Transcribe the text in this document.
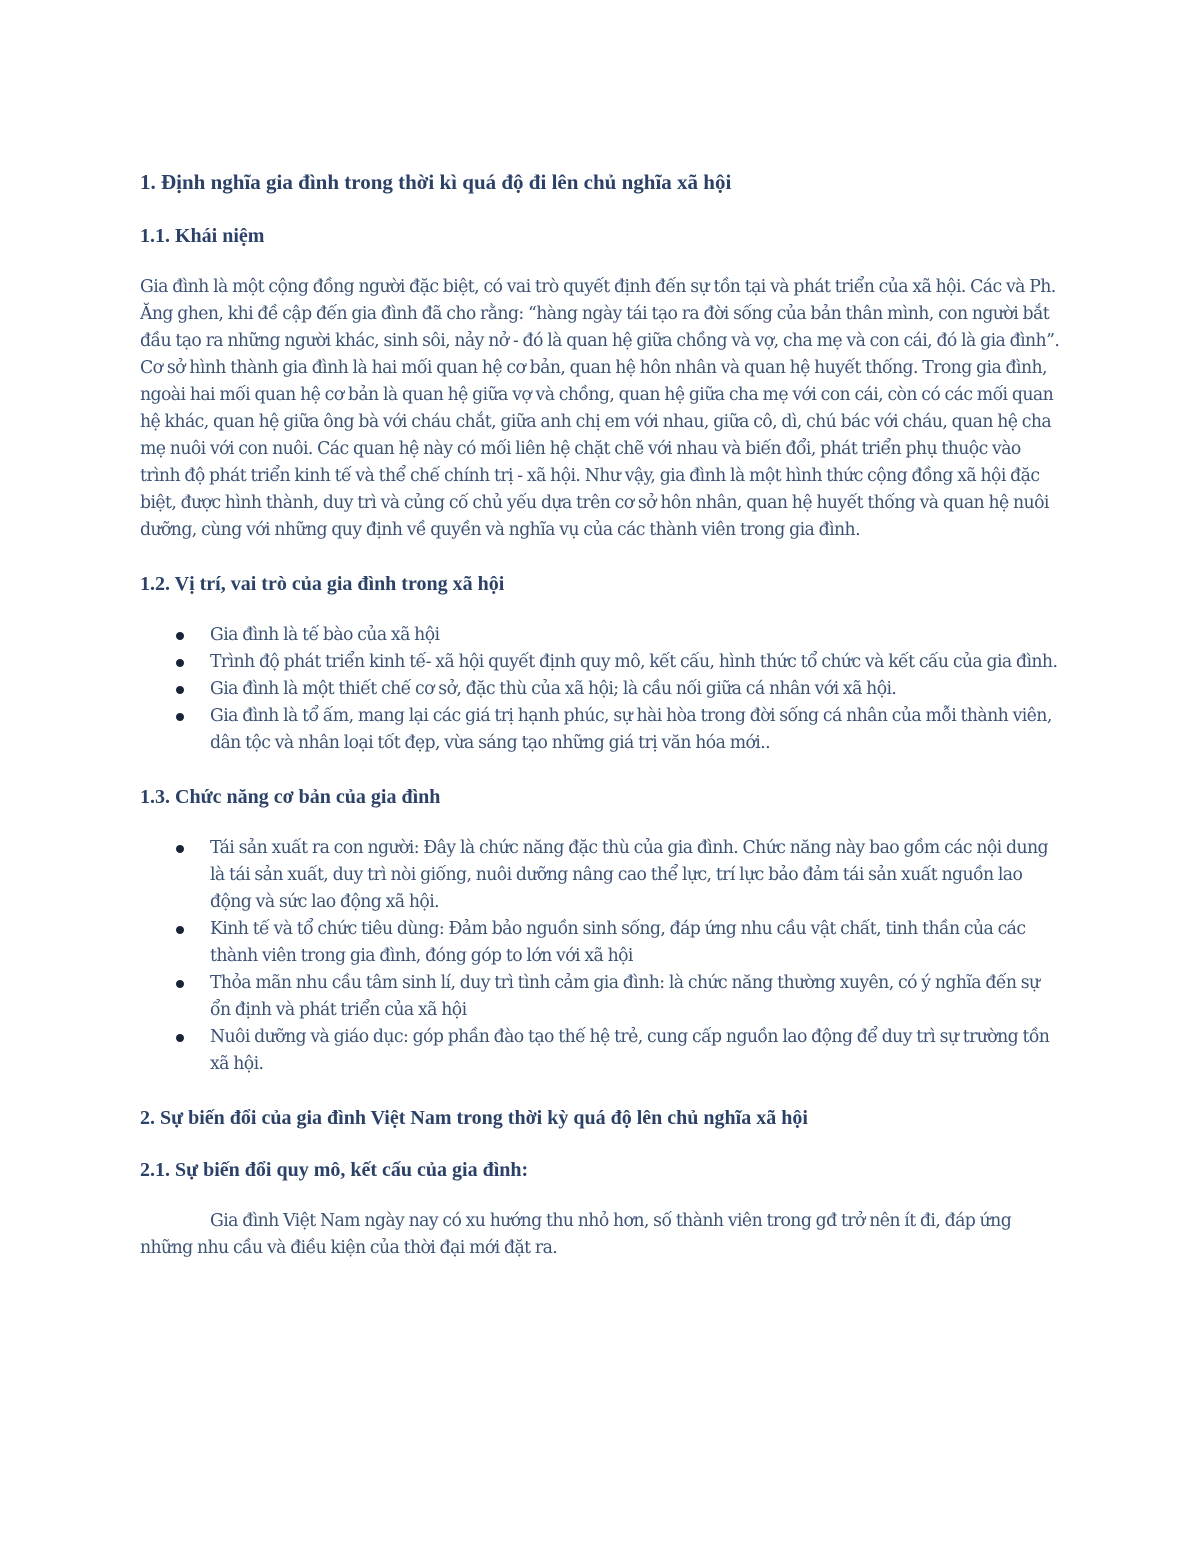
1. Định nghĩa gia đình trong thời kì quá độ đi lên chủ nghĩa xã hội
1.1. Khái niệm
Gia đình là một cộng đồng người đặc biệt, có vai trò quyết định đến sự tồn tại và phát triển của xã hội. Các và Ph. Ăng ghen, khi đề cập đến gia đình đã cho rằng: “hàng ngày tái tạo ra đời sống của bản thân mình, con người bắt đầu tạo ra những người khác, sinh sôi, nảy nở - đó là quan hệ giữa chồng và vợ, cha mẹ và con cái, đó là gia đình”. Cơ sở hình thành gia đình là hai mối quan hệ cơ bản, quan hệ hôn nhân và quan hệ huyết thống. Trong gia đình, ngoài hai mối quan hệ cơ bản là quan hệ giữa vợ và chồng, quan hệ giữa cha mẹ với con cái, còn có các mối quan hệ khác, quan hệ giữa ông bà với cháu chắt, giữa anh chị em với nhau, giữa cô, dì, chú bác với cháu, quan hệ cha mẹ nuôi với con nuôi. Các quan hệ này có mối liên hệ chặt chẽ với nhau và biến đổi, phát triển phụ thuộc vào trình độ phát triển kinh tế và thể chế chính trị - xã hội. Như vậy, gia đình là một hình thức cộng đồng xã hội đặc biệt, được hình thành, duy trì và củng cố chủ yếu dựa trên cơ sở hôn nhân, quan hệ huyết thống và quan hệ nuôi dưỡng, cùng với những quy định về quyền và nghĩa vụ của các thành viên trong gia đình.
1.2. Vị trí, vai trò của gia đình trong xã hội
Gia đình là tế bào của xã hội
Trình độ phát triển kinh tế- xã hội quyết định quy mô, kết cấu, hình thức tổ chức và kết cấu của gia đình.
Gia đình là một thiết chế cơ sở, đặc thù của xã hội; là cầu nối giữa cá nhân với xã hội.
Gia đình là tổ ấm, mang lại các giá trị hạnh phúc, sự hài hòa trong đời sống cá nhân của mỗi thành viên, dân tộc và nhân loại tốt đẹp, vừa sáng tạo những giá trị văn hóa mới..
1.3. Chức năng cơ bản của gia đình
Tái sản xuất ra con người: Đây là chức năng đặc thù của gia đình. Chức năng này bao gồm các nội dung là tái sản xuất, duy trì nòi giống, nuôi dưỡng nâng cao thể lực, trí lực bảo đảm tái sản xuất nguồn lao động và sức lao động xã hội.
Kinh tế và tổ chức tiêu dùng: Đảm bảo nguồn sinh sống, đáp ứng nhu cầu vật chất, tinh thần của các thành viên trong gia đình, đóng góp to lớn với xã hội
Thỏa mãn nhu cầu tâm sinh lí, duy trì tình cảm gia đình: là chức năng thường xuyên, có ý nghĩa đến sự ổn định và phát triển của xã hội
Nuôi dưỡng và giáo dục: góp phần đào tạo thế hệ trẻ, cung cấp nguồn lao động để duy trì sự trường tồn xã hội.
2. Sự biến đổi của gia đình Việt Nam trong thời kỳ quá độ lên chủ nghĩa xã hội
2.1. Sự biến đổi quy mô, kết cấu của gia đình:
Gia đình Việt Nam ngày nay có xu hướng thu nhỏ hơn, số thành viên trong gđ trở nên ít đi, đáp ứng những nhu cầu và điều kiện của thời đại mới đặt ra.
